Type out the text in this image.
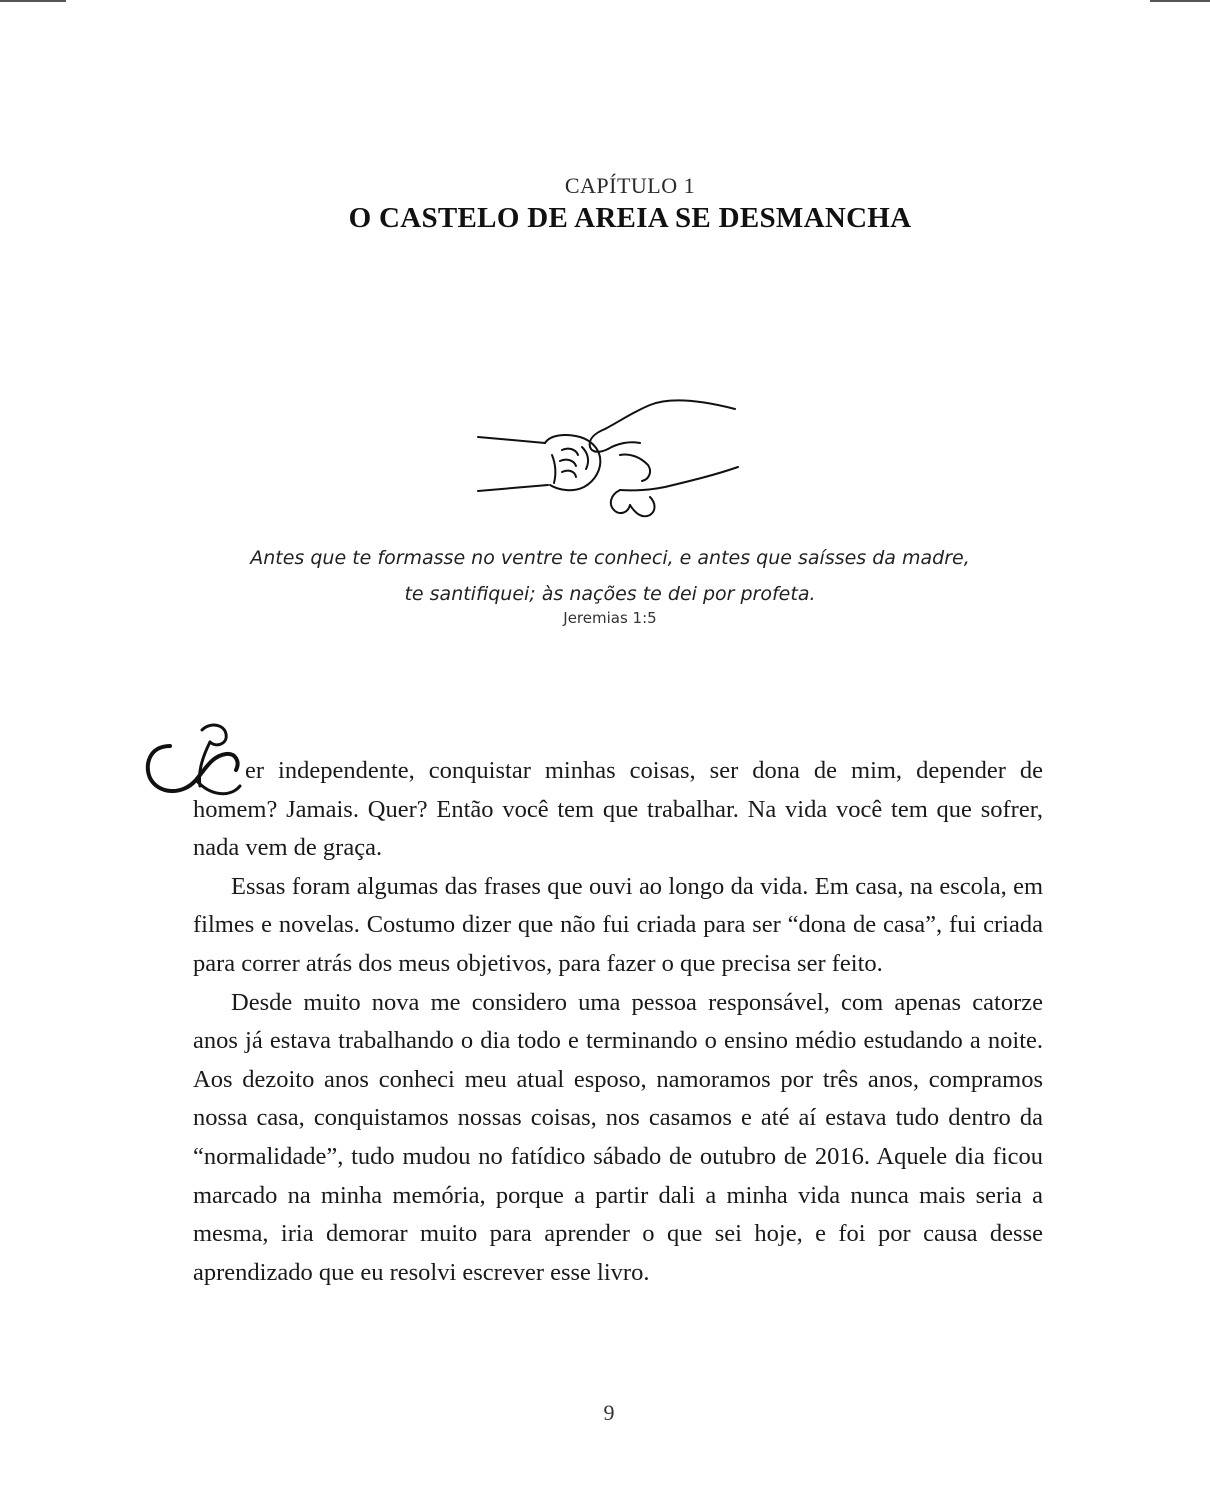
CAPÍTULO 1
O CASTELO DE AREIA SE DESMANCHA
Antes que te formasse no ventre te conheci, e antes que saísses da madre, te santifiquei; às nações te dei por profeta.
Jeremias 1:5
S	er independente, conquistar minhas coisas, ser dona de mim, depender de homem? Jamais. Quer? Então você tem que trabalhar. Na vida você tem que sofrer, nada vem de graça.

Essas foram algumas das frases que ouvi ao longo da vida. Em casa, na escola, em filmes e novelas. Costumo dizer que não fui criada para ser “dona de casa”, fui criada para correr atrás dos meus objetivos, para fazer o que precisa ser feito.

Desde muito nova me considero uma pessoa responsável, com apenas catorze anos já estava trabalhando o dia todo e terminando o ensino médio estudando a noite. Aos dezoito anos conheci meu atual esposo, namoramos por três anos, compramos nossa casa, conquistamos nossas coisas, nos casamos e até aí estava tudo dentro da “normalidade”, tudo mudou no fatídico sábado de outubro de 2016. Aquele dia ficou marcado na minha memória, porque a partir dali a minha vida nunca mais seria a mesma, iria demorar muito para aprender o que sei hoje, e foi por causa desse aprendizado que eu resolvi escrever esse livro.

9
